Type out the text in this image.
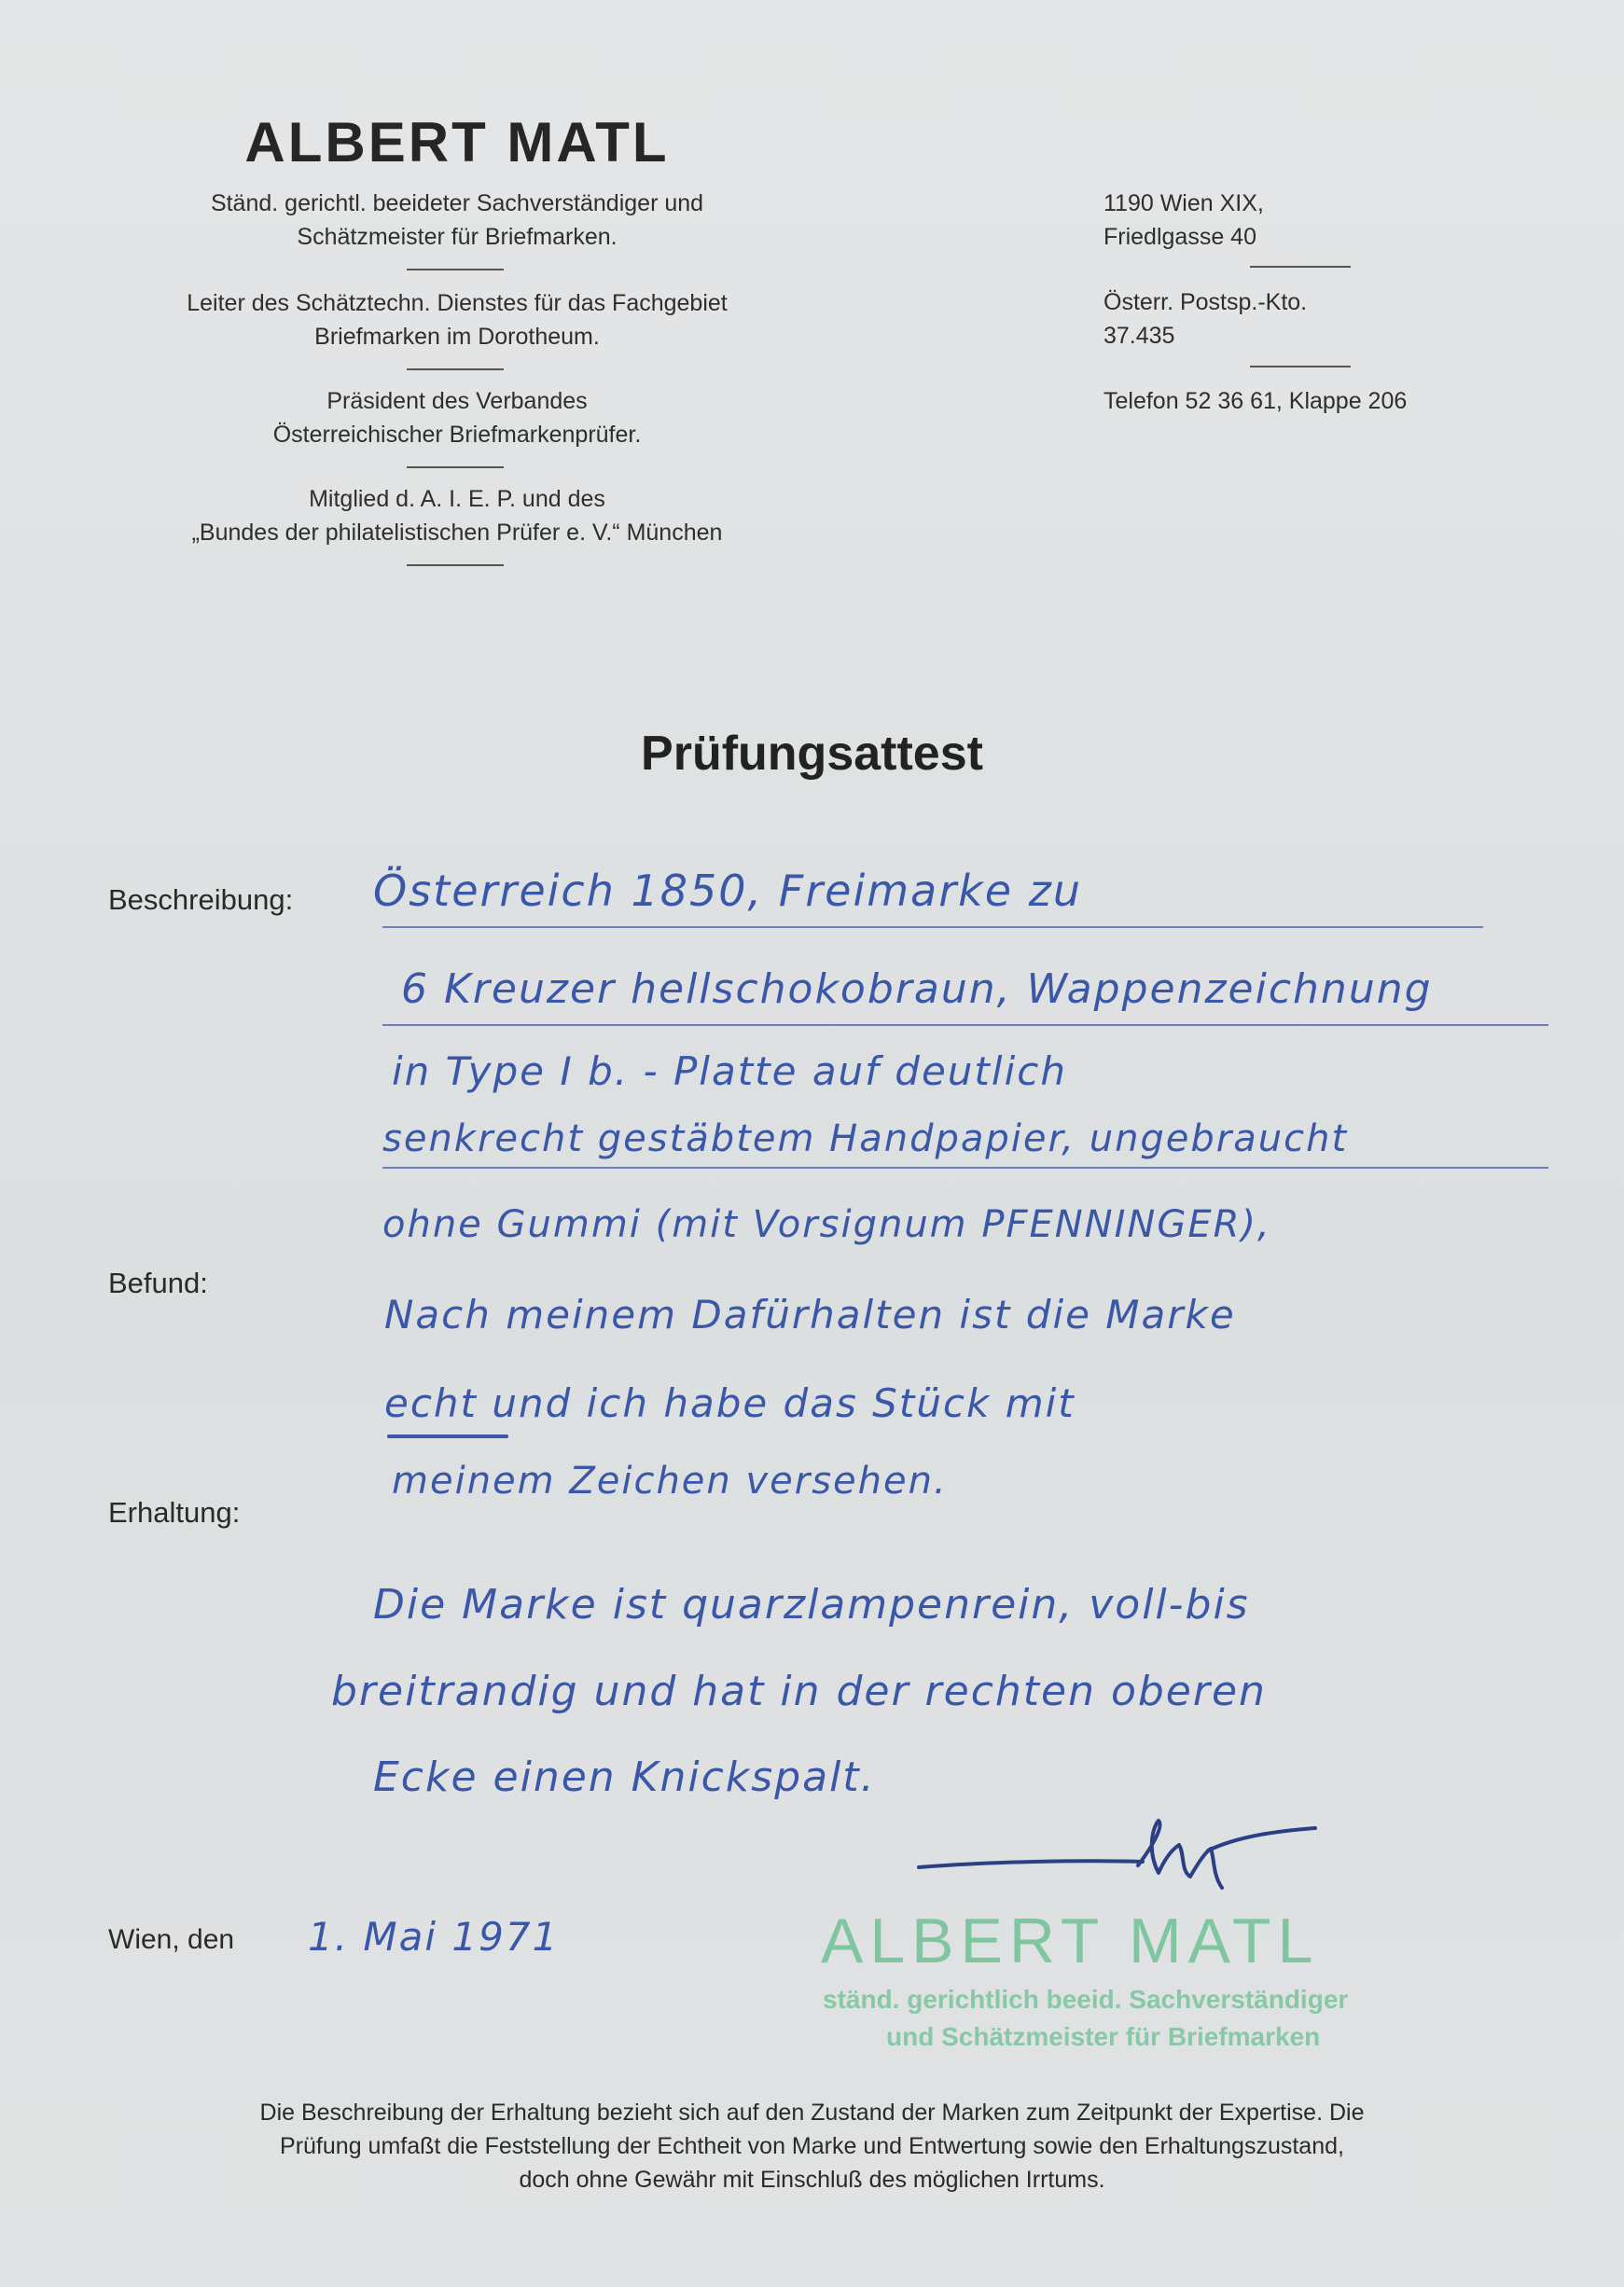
ALBERT MATL
Ständ. gerichtl. beeideter Sachverständiger und
Schätzmeister für Briefmarken.
Leiter des Schätztechn. Dienstes für das Fachgebiet
Briefmarken im Dorotheum.
Präsident des Verbandes
Österreichischer Briefmarkenprüfer.
Mitglied d. A. I. E. P. und des
„Bundes der philatelistischen Prüfer e. V.“ München
1190 Wien XIX,
Friedlgasse 40
Österr. Postsp.-Kto.
37.435
Telefon 52 36 61, Klappe 206
Prüfungsattest
Beschreibung:
Befund:
Erhaltung:
Wien, den
Österreich 1850, Freimarke zu
6 Kreuzer hellschokobraun, Wappenzeichnung
in Type I b. - Platte auf deutlich
senkrecht gestäbtem Handpapier, ungebraucht
ohne Gummi (mit Vorsignum PFENNINGER),
Nach meinem Dafürhalten ist die Marke
echt und ich habe das Stück mit
meinem Zeichen versehen.
Die Marke ist quarzlampenrein, voll-bis
breitrandig und hat in der rechten oberen
Ecke einen Knickspalt.
1. Mai 1971	ALBERT MATL
ständ. gerichtlich beeid. Sachverständiger
und Schätzmeister für Briefmarken
Die Beschreibung der Erhaltung bezieht sich auf den Zustand der Marken zum Zeitpunkt der Expertise. Die
Prüfung umfaßt die Feststellung der Echtheit von Marke und Entwertung sowie den Erhaltungszustand,
doch ohne Gewähr mit Einschluß des möglichen Irrtums.
